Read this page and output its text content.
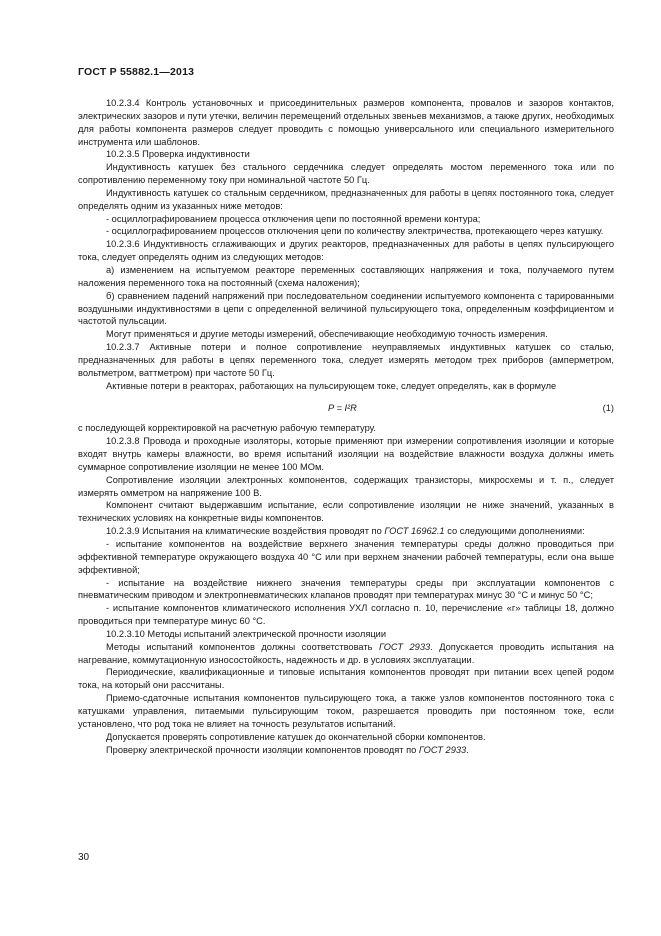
ГОСТ Р 55882.1—2013

10.2.3.4 Контроль установочных и присоединительных размеров компонента, провалов и зазоров контактов, электрических зазоров и пути утечки, величин перемещений отдельных звеньев механизмов, а также других, необходимых для работы компонента размеров следует проводить с помощью универсального или специального измерительного инструмента или шаблонов.

10.2.3.5 Проверка индуктивности

Индуктивность катушек без стального сердечника следует определять мостом переменного тока или по сопротивлению переменному току при номинальной частоте 50 Гц.

Индуктивность катушек со стальным сердечником, предназначенных для работы в цепях постоянного тока, следует определять одним из указанных ниже методов:

- осциллографированием процесса отключения цепи по постоянной времени контура;

- осциллографированием процессов отключения цепи по количеству электричества, протекающего через катушку.

10.2.3.6 Индуктивность сглаживающих и других реакторов, предназначенных для работы в цепях пульсирующего тока, следует определять одним из следующих методов:

а) изменением на испытуемом реакторе переменных составляющих напряжения и тока, получаемого путем наложения переменного тока на постоянный (схема наложения);

б) сравнением падений напряжений при последовательном соединении испытуемого компонента с тарированными воздушными индуктивностями в цепи с определенной величиной пульсирующего тока, определенным коэффициентом и частотой пульсации.

Могут применяться и другие методы измерений, обеспечивающие необходимую точность измерения.

10.2.3.7 Активные потери и полное сопротивление неуправляемых индуктивных катушек со сталью, предназначенных для работы в цепях переменного тока, следует измерять методом трех приборов (амперметром, вольтметром, ваттметром) при частоте 50 Гц.

Активные потери в реакторах, работающих на пульсирующем токе, следует определять, как в формуле

P = I²R	(1)

с последующей корректировкой на расчетную рабочую температуру.

10.2.3.8 Провода и проходные изоляторы, которые применяют при измерении сопротивления изоляции и которые входят внутрь камеры влажности, во время испытаний изоляции на воздействие влажности воздуха должны иметь суммарное сопротивление изоляции не менее 100 МОм.

Сопротивление изоляции электронных компонентов, содержащих транзисторы, микросхемы и т. п., следует измерять омметром на напряжение 100 В.

Компонент считают выдержавшим испытание, если сопротивление изоляции не ниже значений, указанных в технических условиях на конкретные виды компонентов.

10.2.3.9 Испытания на климатические воздействия проводят по ГОСТ 16962.1 со следующими дополнениями:

- испытание компонентов на воздействие верхнего значения температуры среды должно проводиться при эффективной температуре окружающего воздуха 40 °С или при верхнем значении рабочей температуры, если она выше эффективной;

- испытание на воздействие нижнего значения температуры среды при эксплуатации компонентов с пневматическим приводом и электропневматических клапанов проводят при температурах минус 30 °С и минус 50 °С;

- испытание компонентов климатического исполнения УХЛ согласно п. 10, перечисление «г» таблицы 18, должно проводиться при температуре минус 60 °С.

10.2.3.10 Методы испытаний электрической прочности изоляции

Методы испытаний компонентов должны соответствовать ГОСТ 2933. Допускается проводить испытания на нагревание, коммутационную износостойкость, надежность и др. в условиях эксплуатации.

Периодические, квалификационные и типовые испытания компонентов проводят при питании всех цепей родом тока, на который они рассчитаны.

Приемо-сдаточные испытания компонентов пульсирующего тока, а также узлов компонентов постоянного тока с катушками управления, питаемыми пульсирующим током, разрешается проводить при постоянном токе, если установлено, что род тока не влияет на точность результатов испытаний.

Допускается проверять сопротивление катушек до окончательной сборки компонентов.

Проверку электрической прочности изоляции компонентов проводят по ГОСТ 2933.

30
